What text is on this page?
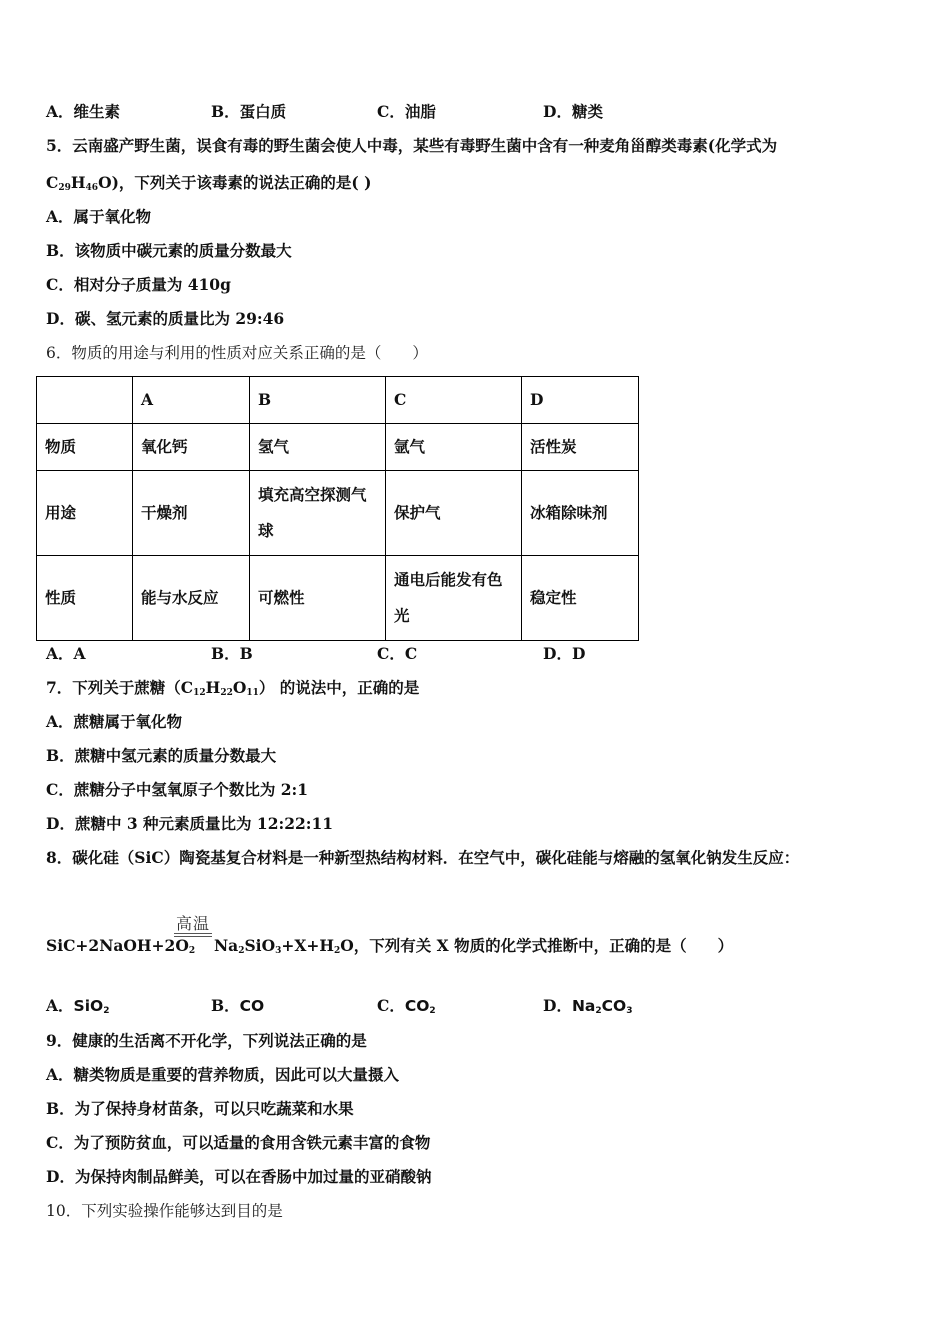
A．维生素	B．蛋白质	C．油脂	D．糖类
5．云南盛产野生菌，误食有毒的野生菌会使人中毒，某些有毒野生菌中含有一种麦角甾醇类毒素(化学式为
$C_{29}H_{46}O$)，下列关于该毒素的说法正确的是( )
A．属于氧化物
B．该物质中碳元素的质量分数最大
C．相对分子质量为 410g
D．碳、氢元素的质量比为 29:46
6．物质的用途与利用的性质对应关系正确的是（　　）
	A	B	C	D
物质	氧化钙	氢气	氩气	活性炭
用途	干燥剂	填充高空探测气球	保护气	冰箱除味剂
性质	能与水反应	可燃性	通电后能发有色光	稳定性
A．A	B．B	C．C	D．D
7．下列关于蔗糖$(C_{12}H_{22}O_{11})$ 的说法中，正确的是
A．蔗糖属于氧化物
B．蔗糖中氢元素的质量分数最大
C．蔗糖分子中氢氧原子个数比为 2:1
D．蔗糖中 3 种元素质量比为 12:22:11
8．碳化硅（SiC）陶瓷基复合材料是一种新型热结构材料．在空气中，碳化硅能与熔融的氢氧化钠发生反应：
高温
$SiC+2NaOH+2O_2$ $Na_2SiO_3+X+H_2O$，下列有关 X 物质的化学式推断中，正确的是（　　）
A．SiO$_2$	B．CO	C．$CO_2$	D．$Na_2CO_3$
9．健康的生活离不开化学，下列说法正确的是
A．糖类物质是重要的营养物质，因此可以大量摄入
B．为了保持身材苗条，可以只吃蔬菜和水果
C．为了预防贫血，可以适量的食用含铁元素丰富的食物
D．为保持肉制品鲜美，可以在香肠中加过量的亚硝酸钠
10．下列实验操作能够达到目的是
